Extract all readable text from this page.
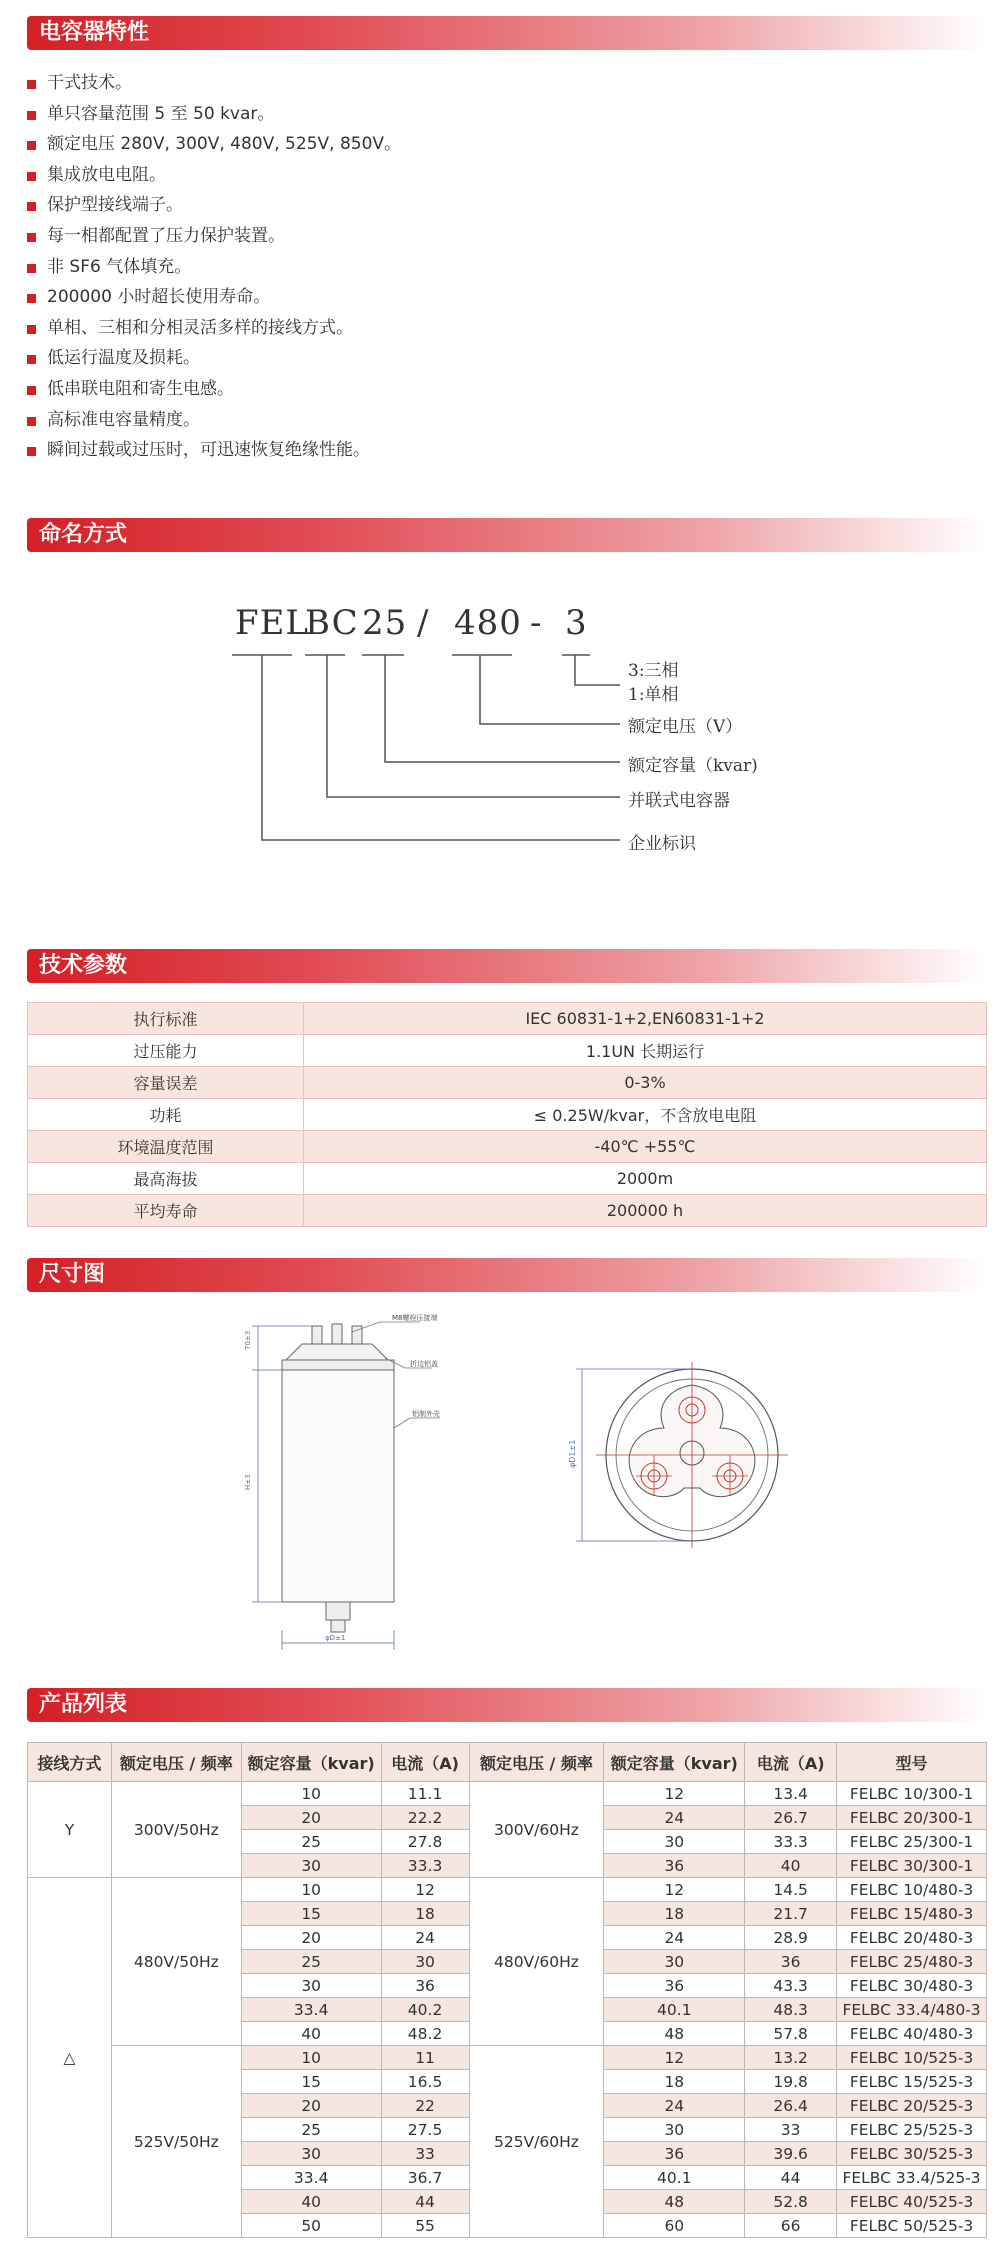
电容器特性
干式技术。
单只容量范围 5 至 50 kvar。
额定电压 280V, 300V, 480V, 525V, 850V。
集成放电电阻。
保护型接线端子。
每一相都配置了压力保护装置。
非 SF6 气体填充。
200000 小时超长使用寿命。
单相、三相和分相灵活多样的接线方式。
低运行温度及损耗。
低串联电阻和寄生电感。
高标准电容量精度。
瞬间过载或过压时，可迅速恢复绝缘性能。
命名方式
FEL
BC 25 / 480 - 3
3:三相
1:单相
额定电压（V）
额定容量（kvar)
并联式电容器
企业标识
技术参数
执行标准	IEC 60831-1+2,EN60831-1+2
过压能力	1.1UN 长期运行
容量误差	0-3%
功耗	≤ 0.25W/kvar，不含放电电阻
环境温度范围	-40℃ +55℃
最高海拔	2000m
平均寿命	200000 h
尺寸图
M8螺栓压接端
折边铝盖
铝制外壳
70±3
H±3
φD±1
φD1±1
产品列表
接线方式	额定电压 / 频率	额定容量（kvar)	电流（A)	额定电压 / 频率	额定容量（kvar)	电流（A)	型号
Y	300V/50Hz	10	11.1	300V/60Hz	12	13.4	FELBC 10/300-1
		20	22.2		24	26.7	FELBC 20/300-1
		25	27.8		30	33.3	FELBC 25/300-1
		30	33.3		36	40	FELBC 30/300-1
△	480V/50Hz	10	12	480V/60Hz	12	14.5	FELBC 10/480-3
		15	18		18	21.7	FELBC 15/480-3
		20	24		24	28.9	FELBC 20/480-3
		25	30		30	36	FELBC 25/480-3
		30	36		36	43.3	FELBC 30/480-3
		33.4	40.2		40.1	48.3	FELBC 33.4/480-3
		40	48.2		48	57.8	FELBC 40/480-3
	525V/50Hz	10	11	525V/60Hz	12	13.2	FELBC 10/525-3
		15	16.5		18	19.8	FELBC 15/525-3
		20	22		24	26.4	FELBC 20/525-3
		25	27.5		30	33	FELBC 25/525-3
		30	33		36	39.6	FELBC 30/525-3
		33.4	36.7		40.1	44	FELBC 33.4/525-3
		40	44		48	52.8	FELBC 40/525-3
		50	55		60	66	FELBC 50/525-3
